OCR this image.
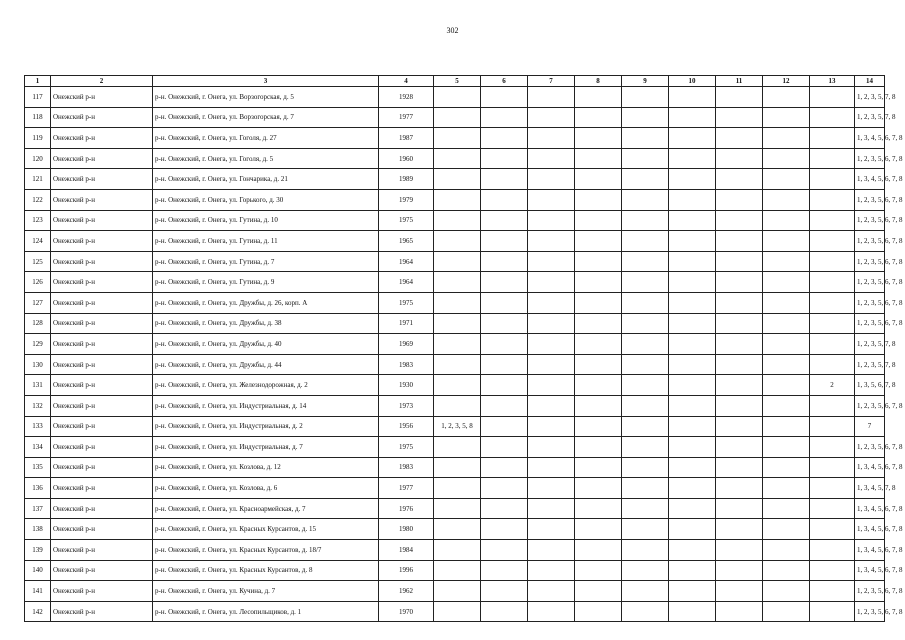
302
1	2	3	4	5	6	7	8	9	10	11	12	13	14
117	Онежский р-н	р-н. Онежский, г. Онега, ул. Ворзогорская, д. 5	1928										1, 2, 3, 5, 7, 8
118	Онежский р-н	р-н. Онежский, г. Онега, ул. Ворзогорская, д. 7	1977										1, 2, 3, 5, 7, 8
119	Онежский р-н	р-н. Онежский, г. Онега, ул. Гоголя, д. 27	1987										1, 3, 4, 5, 6, 7, 8
120	Онежский р-н	р-н. Онежский, г. Онега, ул. Гоголя, д. 5	1960										1, 2, 3, 5, 6, 7, 8
121	Онежский р-н	р-н. Онежский, г. Онега, ул. Гончарика, д. 21	1989										1, 3, 4, 5, 6, 7, 8
122	Онежский р-н	р-н. Онежский, г. Онега, ул. Горького, д. 30	1979										1, 2, 3, 5, 6, 7, 8
123	Онежский р-н	р-н. Онежский, г. Онега, ул. Гутина, д. 10	1975										1, 2, 3, 5, 6, 7, 8
124	Онежский р-н	р-н. Онежский, г. Онега, ул. Гутина, д. 11	1965										1, 2, 3, 5, 6, 7, 8
125	Онежский р-н	р-н. Онежский, г. Онега, ул. Гутина, д. 7	1964										1, 2, 3, 5, 6, 7, 8
126	Онежский р-н	р-н. Онежский, г. Онега, ул. Гутина, д. 9	1964										1, 2, 3, 5, 6, 7, 8
127	Онежский р-н	р-н. Онежский, г. Онега, ул. Дружбы, д. 26, корп. А	1975										1, 2, 3, 5, 6, 7, 8
128	Онежский р-н	р-н. Онежский, г. Онега, ул. Дружбы, д. 38	1971										1, 2, 3, 5, 6, 7, 8
129	Онежский р-н	р-н. Онежский, г. Онега, ул. Дружбы, д. 40	1969										1, 2, 3, 5, 7, 8
130	Онежский р-н	р-н. Онежский, г. Онега, ул. Дружбы, д. 44	1983										1, 2, 3, 5, 7, 8
131	Онежский р-н	р-н. Онежский, г. Онега, ул. Железнодорожная, д. 2	1930									2	1, 3, 5, 6, 7, 8
132	Онежский р-н	р-н. Онежский, г. Онега, ул. Индустриальная, д. 14	1973										1, 2, 3, 5, 6, 7, 8
133	Онежский р-н	р-н. Онежский, г. Онега, ул. Индустриальная, д. 2	1956	1, 2, 3, 5, 8									7
134	Онежский р-н	р-н. Онежский, г. Онега, ул. Индустриальная, д. 7	1975										1, 2, 3, 5, 6, 7, 8
135	Онежский р-н	р-н. Онежский, г. Онега, ул. Козлова, д. 12	1983										1, 3, 4, 5, 6, 7, 8
136	Онежский р-н	р-н. Онежский, г. Онега, ул. Козлова, д. 6	1977										1, 3, 4, 5, 7, 8
137	Онежский р-н	р-н. Онежский, г. Онега, ул. Красноармейская, д. 7	1976										1, 3, 4, 5, 6, 7, 8
138	Онежский р-н	р-н. Онежский, г. Онега, ул. Красных Курсантов, д. 15	1980										1, 3, 4, 5, 6, 7, 8
139	Онежский р-н	р-н. Онежский, г. Онега, ул. Красных Курсантов, д. 18/7	1984										1, 3, 4, 5, 6, 7, 8
140	Онежский р-н	р-н. Онежский, г. Онега, ул. Красных Курсантов, д. 8	1996										1, 3, 4, 5, 6, 7, 8
141	Онежский р-н	р-н. Онежский, г. Онега, ул. Кучина, д. 7	1962										1, 2, 3, 5, 6, 7, 8
142	Онежский р-н	р-н. Онежский, г. Онега, ул. Лесопильщиков, д. 1	1970										1, 2, 3, 5, 6, 7, 8
